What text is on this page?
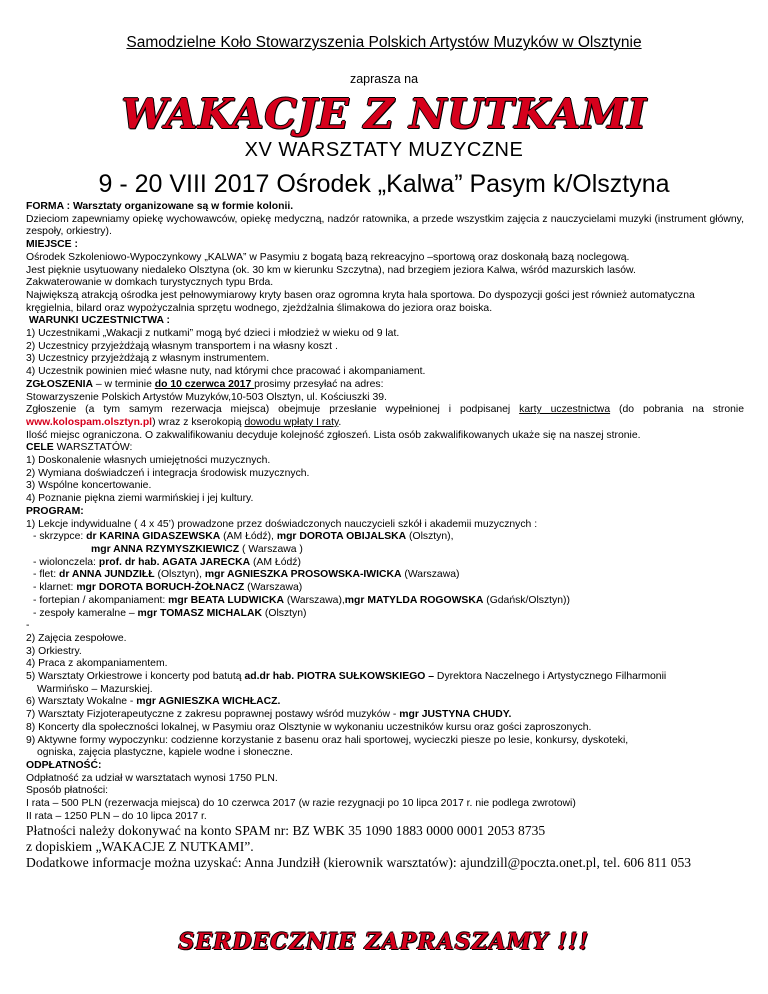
Samodzielne Koło Stowarzyszenia Polskich Artystów Muzyków w Olsztynie
zaprasza na
WAKACJE Z NUTKAMI
XV WARSZTATY MUZYCZNE
9 - 20 VIII 2017 Ośrodek „Kalwa” Pasym k/Olsztyna

FORMA : Warsztaty organizowane są w formie kolonii.

Dzieciom zapewniamy opiekę wychowawców, opiekę medyczną, nadzór ratownika, a przede wszystkim zajęcia z nauczycielami muzyki (instrument główny, zespoły, orkiestry).

MIEJSCE :

Ośrodek Szkoleniowo-Wypoczynkowy „KALWA” w Pasymiu z bogatą bazą rekreacyjno –sportową oraz doskonałą bazą noclegową.

Jest pięknie usytuowany niedaleko Olsztyna (ok. 30 km w kierunku Szczytna), nad brzegiem jeziora Kalwa, wśród mazurskich lasów.

Zakwaterowanie w domkach turystycznych typu Brda.

Największą atrakcją ośrodka jest pełnowymiarowy kryty basen oraz ogromna kryta hala sportowa. Do dyspozycji gości jest również automatyczna kręgielnia, bilard oraz wypożyczalnia sprzętu wodnego, zjeżdżalnia ślimakowa do jeziora oraz boiska.

WARUNKI UCZESTNICTWA :

1) Uczestnikami „Wakacji z nutkami” mogą być dzieci i młodzież w wieku od 9 lat.

2) Uczestnicy przyjeżdżają własnym transportem i na własny koszt .

3) Uczestnicy przyjeżdżają z własnym instrumentem.

4) Uczestnik powinien mieć własne nuty, nad którymi chce pracować i akompaniament.

ZGŁOSZENIA – w terminie do 10 czerwca 2017 prosimy przesyłać na adres:

Stowarzyszenie Polskich Artystów Muzyków,10-503 Olsztyn, ul. Kościuszki 39.

Zgłoszenie (a tym samym rezerwacja miejsca) obejmuje przesłanie wypełnionej i podpisanej karty uczestnictwa (do pobrania na stronie www.kolospam.olsztyn.pl) wraz z kserokopią dowodu wpłaty I raty.

Ilość miejsc ograniczona. O zakwalifikowaniu decyduje kolejność zgłoszeń. Lista osób zakwalifikowanych ukaże się na naszej stronie.

CELE WARSZTATÓW:

1) Doskonalenie własnych umiejętności muzycznych.

2) Wymiana doświadczeń i integracja środowisk muzycznych.

3) Wspólne koncertowanie.

4) Poznanie piękna ziemi warmińskiej i jej kultury.

PROGRAM:

1) Lekcje indywidualne ( 4 x 45’) prowadzone przez doświadczonych nauczycieli szkół i akademii muzycznych :

- skrzypce: dr KARINA GIDASZEWSKA (AM Łódź), mgr DOROTA OBIJALSKA (Olsztyn),

mgr ANNA RZYMYSZKIEWICZ ( Warszawa )

- wiolonczela: prof. dr hab. AGATA JARECKA (AM Łódź)

- flet: dr ANNA JUNDZIŁŁ (Olsztyn), mgr AGNIESZKA PROSOWSKA-IWICKA (Warszawa)

- klarnet: mgr DOROTA BORUCH-ŻOŁNACZ (Warszawa)

- fortepian / akompaniament: mgr BEATA LUDWICKA (Warszawa),mgr MATYLDA ROGOWSKA (Gdańsk/Olsztyn))

- zespoły kameralne – mgr TOMASZ MICHALAK (Olsztyn)

-

2) Zajęcia zespołowe.

3) Orkiestry.

4) Praca z akompaniamentem.

5) Warsztaty Orkiestrowe i koncerty pod batutą ad.dr hab. PIOTRA SUŁKOWSKIEGO – Dyrektora Naczelnego i Artystycznego Filharmonii

Warmińsko – Mazurskiej.

6) Warsztaty Wokalne - mgr AGNIESZKA WICHŁACZ.

7) Warsztaty Fizjoterapeutyczne z zakresu poprawnej postawy wśród muzyków - mgr JUSTYNA CHUDY.

8) Koncerty dla społeczności lokalnej, w Pasymiu oraz Olsztynie w wykonaniu uczestników kursu oraz gości zaproszonych.

9) Aktywne formy wypoczynku: codzienne korzystanie z basenu oraz hali sportowej, wycieczki piesze po lesie, konkursy, dyskoteki,

ogniska, zajęcia plastyczne, kąpiele wodne i słoneczne.

ODPŁATNOŚĆ:

Odpłatność za udział w warsztatach wynosi 1750 PLN.

Sposób płatności:

I rata – 500 PLN (rezerwacja miejsca) do 10 czerwca 2017 (w razie rezygnacji po 10 lipca 2017 r. nie podlega zwrotowi)

II rata – 1250 PLN – do 10 lipca 2017 r.

Płatności należy dokonywać na konto SPAM nr: BZ WBK 35 1090 1883 0000 0001 2053 8735

z dopiskiem „WAKACJE Z NUTKAMI”.

Dodatkowe informacje można uzyskać: Anna Jundziłł (kierownik warsztatów): ajundzill@poczta.onet.pl, tel. 606 811 053

SERDECZNIE ZAPRASZAMY !!!
